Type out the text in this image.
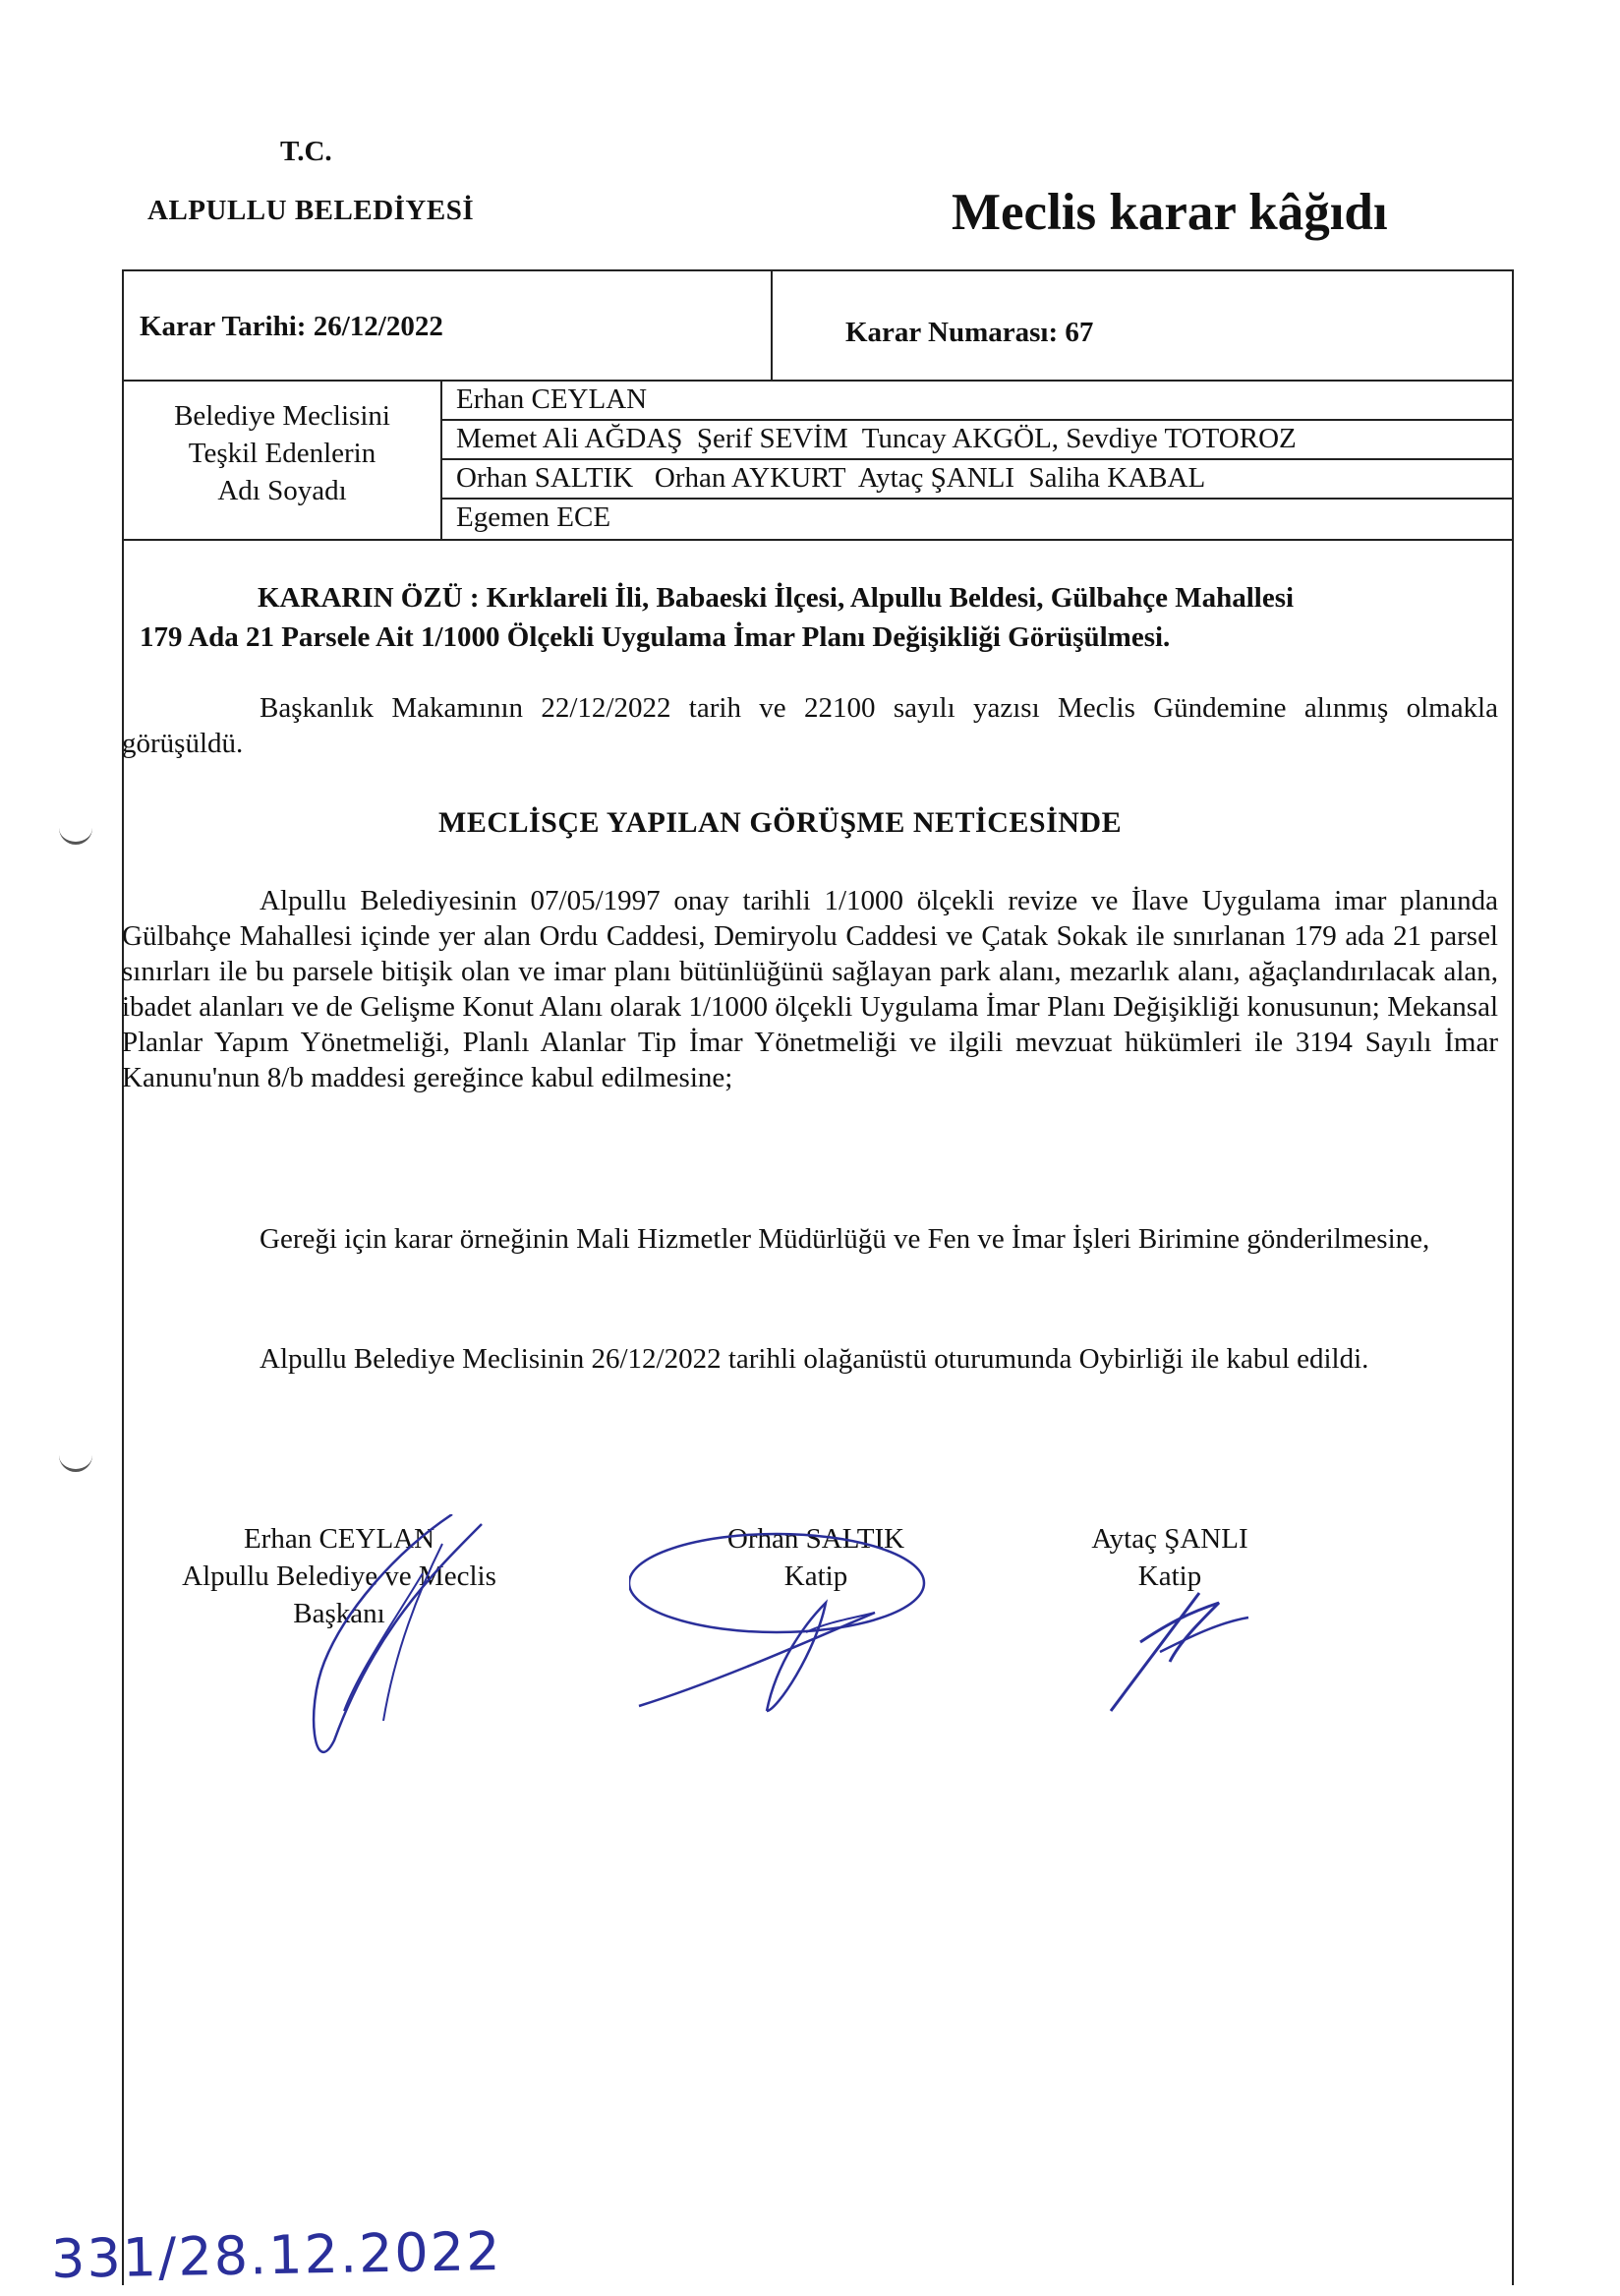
T.C.
ALPULLU BELEDİYESİ	Meclis karar kâğıdı
Karar Tarihi: 26/12/2022	Karar Numarası: 67
Belediye Meclisini
Teşkil Edenlerin
Adı Soyadı
Erhan CEYLAN
Memet Ali AĞDAŞ  Şerif SEVİM  Tuncay AKGÖL, Sevdiye TOTOROZ
Orhan SALTIK   Orhan AYKURT  Aytaç ŞANLI  Saliha KABAL
Egemen ECE
KARARIN ÖZÜ : Kırklareli İli, Babaeski İlçesi, Alpullu Beldesi, Gülbahçe Mahallesi
179 Ada 21 Parsele Ait 1/1000 Ölçekli Uygulama İmar Planı Değişikliği Görüşülmesi.
Başkanlık Makamının 22/12/2022 tarih ve 22100 sayılı yazısı Meclis Gündemine alınmış olmakla görüşüldü.
MECLİSÇE YAPILAN GÖRÜŞME NETİCESİNDE
Alpullu Belediyesinin 07/05/1997 onay tarihli 1/1000 ölçekli revize ve İlave Uygulama imar planında Gülbahçe Mahallesi içinde yer alan Ordu Caddesi, Demiryolu Caddesi ve Çatak Sokak ile sınırlanan 179 ada 21 parsel sınırları ile bu parsele bitişik olan ve imar planı bütünlüğünü sağlayan park alanı, mezarlık alanı, ağaçlandırılacak alan, ibadet alanları ve de Gelişme Konut Alanı olarak 1/1000 ölçekli Uygulama İmar Planı Değişikliği konusunun; Mekansal Planlar Yapım Yönetmeliği, Planlı Alanlar Tip İmar Yönetmeliği ve ilgili mevzuat hükümleri ile 3194 Sayılı İmar Kanunu'nun 8/b maddesi gereğince kabul edilmesine;
Gereği için karar örneğinin Mali Hizmetler Müdürlüğü ve Fen ve İmar İşleri Birimine gönderilmesine,
Alpullu Belediye Meclisinin 26/12/2022 tarihli olağanüstü oturumunda Oybirliği ile kabul edildi.
Erhan CEYLAN
Alpullu Belediye ve Meclis
Başkanı
Orhan SALTIK
Katip
Aytaç ŞANLI
Katip
331/28.12.2022
